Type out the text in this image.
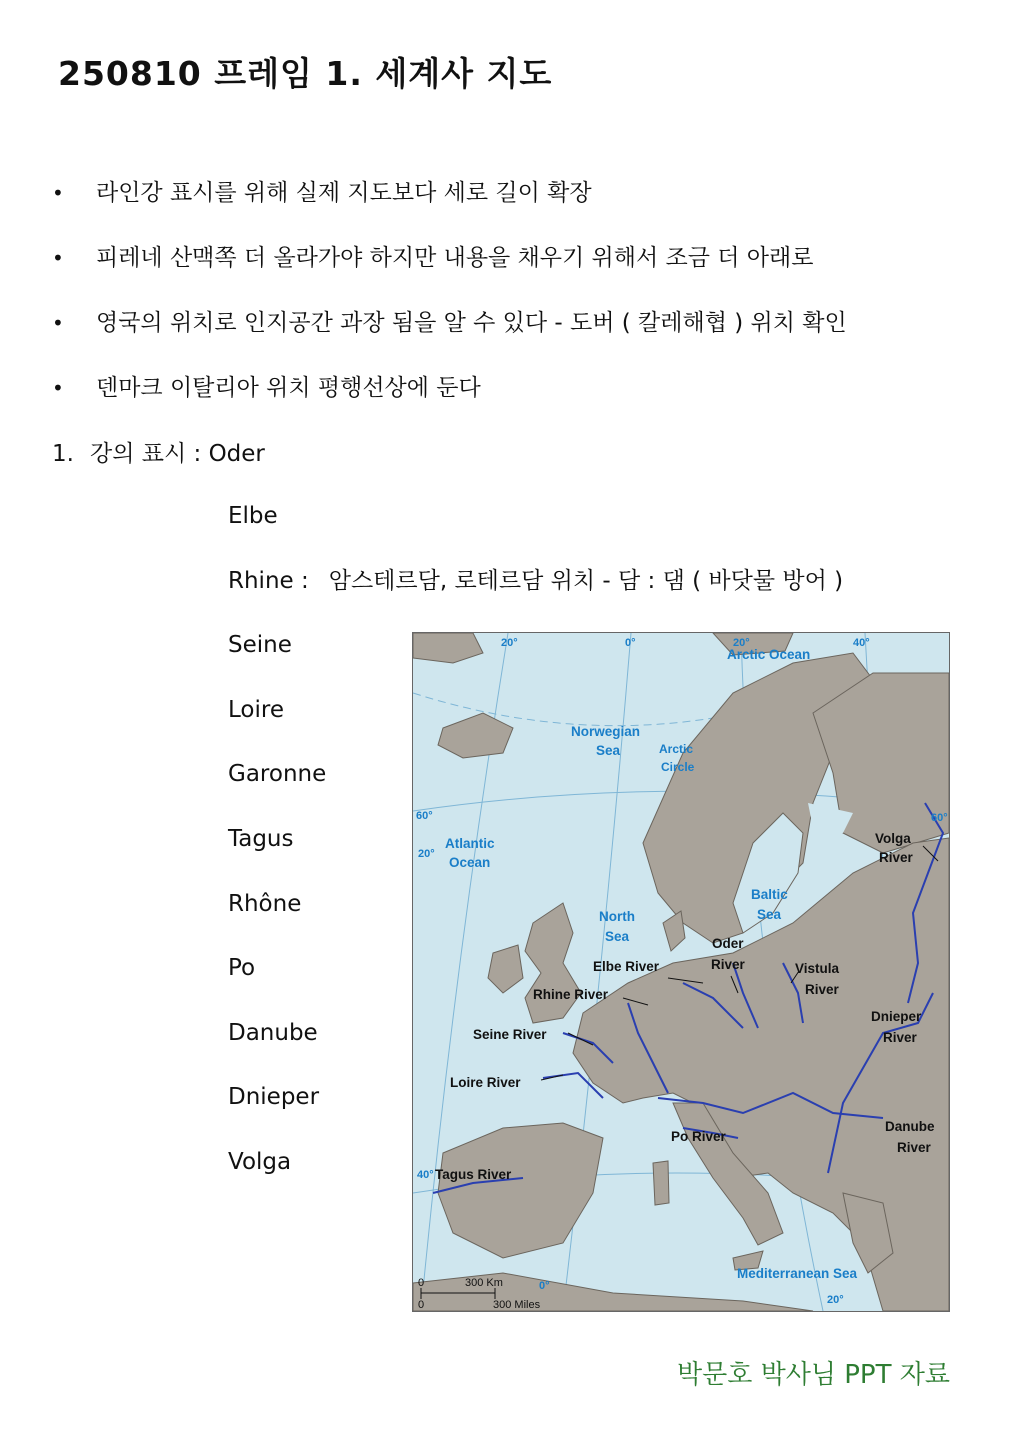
250810 프레임 1. 세계사 지도
• 라인강 표시를 위해 실제 지도보다 세로 길이 확장
• 피레네 산맥쪽 더 올라가야 하지만 내용을 채우기 위해서 조금 더 아래로
• 영국의 위치로 인지공간 과장 됨을 알 수 있다 - 도버 ( 칼레해협 ) 위치 확인
• 덴마크 이탈리아 위치 평행선상에 둔다
1. 강의 표시 : Oder
Elbe
Rhine : 암스테르담, 로테르담 위치 - 담 : 댐 ( 바닷물 방어 )
Seine
Loire
Garonne
Tagus
Rhône
Po
Danube
Dnieper
Volga
Arctic Ocean
Norwegian
Sea	Arctic
Circle
Atlantic
Ocean
North
Sea
Baltic
Sea
Mediterranean Sea
Volga
River
Oder
River
Elbe River	Vistula
River
Rhine River
Dnieper
River
Seine River
Loire River
Po River
Danube
River
Tagus River
20°	0°	20°	40°
60°
20°
60°
40°
0°
20°
0	300 Km
0	300 Miles
박문호 박사님 PPT 자료
